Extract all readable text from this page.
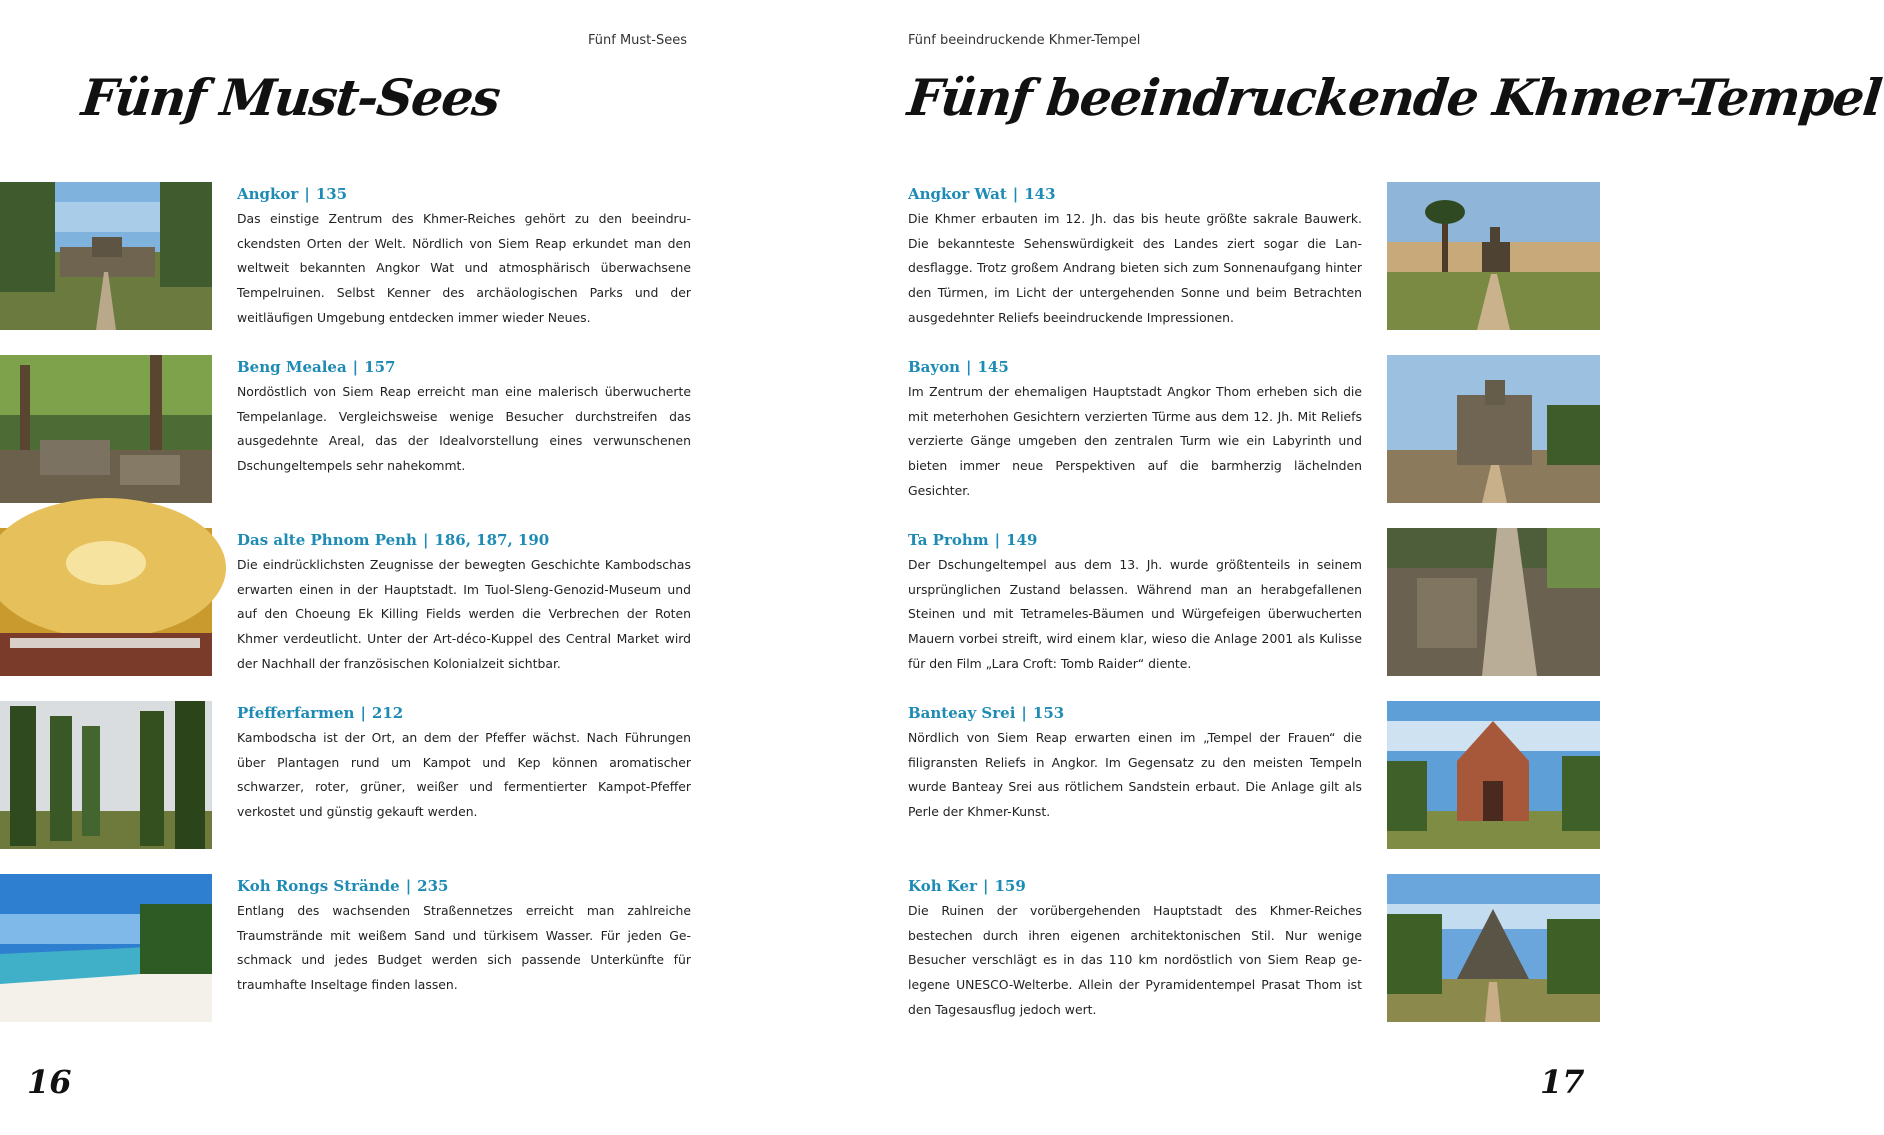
Fünf Must-Sees
Fünf Must-Sees
Angkor | 135

Das einstige Zentrum des Khmer-Reiches gehört zu den beeindruckendsten Orten der Welt. Nördlich von Siem Reap erkundet man den weltweit bekannten Angkor Wat und atmosphärisch überwachsene Tempelruinen. Selbst Kenner des archäologischen Parks und der weitläufigen Umgebung entdecken immer wieder Neues.

Beng Mealea | 157

Nordöstlich von Siem Reap erreicht man eine malerisch überwucherte Tempelanlage. Vergleichsweise wenige Besucher durchstreifen das ausgedehnte Areal, das der Idealvorstellung eines verwunschenen Dschungeltempels sehr nahekommt.

Das alte Phnom Penh | 186, 187, 190

Die eindrücklichsten Zeugnisse der bewegten Geschichte Kambodschas erwarten einen in der Hauptstadt. Im Tuol-Sleng-Genozid-Museum und auf den Choeung Ek Killing Fields werden die Verbrechen der Roten Khmer verdeutlicht. Unter der Art-déco-Kuppel des Central Market wird der Nachhall der französischen Kolonialzeit sichtbar.

Pfefferfarmen | 212

Kambodscha ist der Ort, an dem der Pfeffer wächst. Nach Führungen über Plantagen rund um Kampot und Kep können aromatischer schwarzer, roter, grüner, weißer und fermentierter Kampot-Pfeffer verkostet und günstig gekauft werden.

Koh Rongs Strände | 235

Entlang des wachsenden Straßennetzes erreicht man zahlreiche Traumstrände mit weißem Sand und türkisem Wasser. Für jeden Geschmack und jedes Budget werden sich passende Unterkünfte für traumhafte Inseltage finden lassen.

16
Fünf beeindruckende Khmer-Tempel
Fünf beeindruckende Khmer-Tempel
Angkor Wat | 143

Die Khmer erbauten im 12. Jh. das bis heute größte sakrale Bauwerk. Die bekannteste Sehenswürdigkeit des Landes ziert sogar die Landesflagge. Trotz großem Andrang bieten sich zum Sonnenaufgang hinter den Türmen, im Licht der untergehenden Sonne und beim Betrachten ausgedehnter Reliefs beeindruckende Impressionen.

Bayon | 145

Im Zentrum der ehemaligen Hauptstadt Angkor Thom erheben sich die mit meterhohen Gesichtern verzierten Türme aus dem 12. Jh. Mit Reliefs verzierte Gänge umgeben den zentralen Turm wie ein Labyrinth und bieten immer neue Perspektiven auf die barmherzig lächelnden Gesichter.

Ta Prohm | 149

Der Dschungeltempel aus dem 13. Jh. wurde größtenteils in seinem ursprünglichen Zustand belassen. Während man an herabgefallenen Steinen und mit Tetrameles-Bäumen und Würgefeigen überwucherten Mauern vorbei streift, wird einem klar, wieso die Anlage 2001 als Kulisse für den Film „Lara Croft: Tomb Raider“ diente.

Banteay Srei | 153

Nördlich von Siem Reap erwarten einen im „Tempel der Frauen“ die filigransten Reliefs in Angkor. Im Gegensatz zu den meisten Tempeln wurde Banteay Srei aus rötlichem Sandstein erbaut. Die Anlage gilt als Perle der Khmer-Kunst.

Koh Ker | 159

Die Ruinen der vorübergehenden Hauptstadt des Khmer-Reiches bestechen durch ihren eigenen architektonischen Stil. Nur wenige Besucher verschlägt es in das 110 km nordöstlich von Siem Reap gelegene UNESCO-Welterbe. Allein der Pyramidentempel Prasat Thom ist den Tagesausflug jedoch wert.

17
